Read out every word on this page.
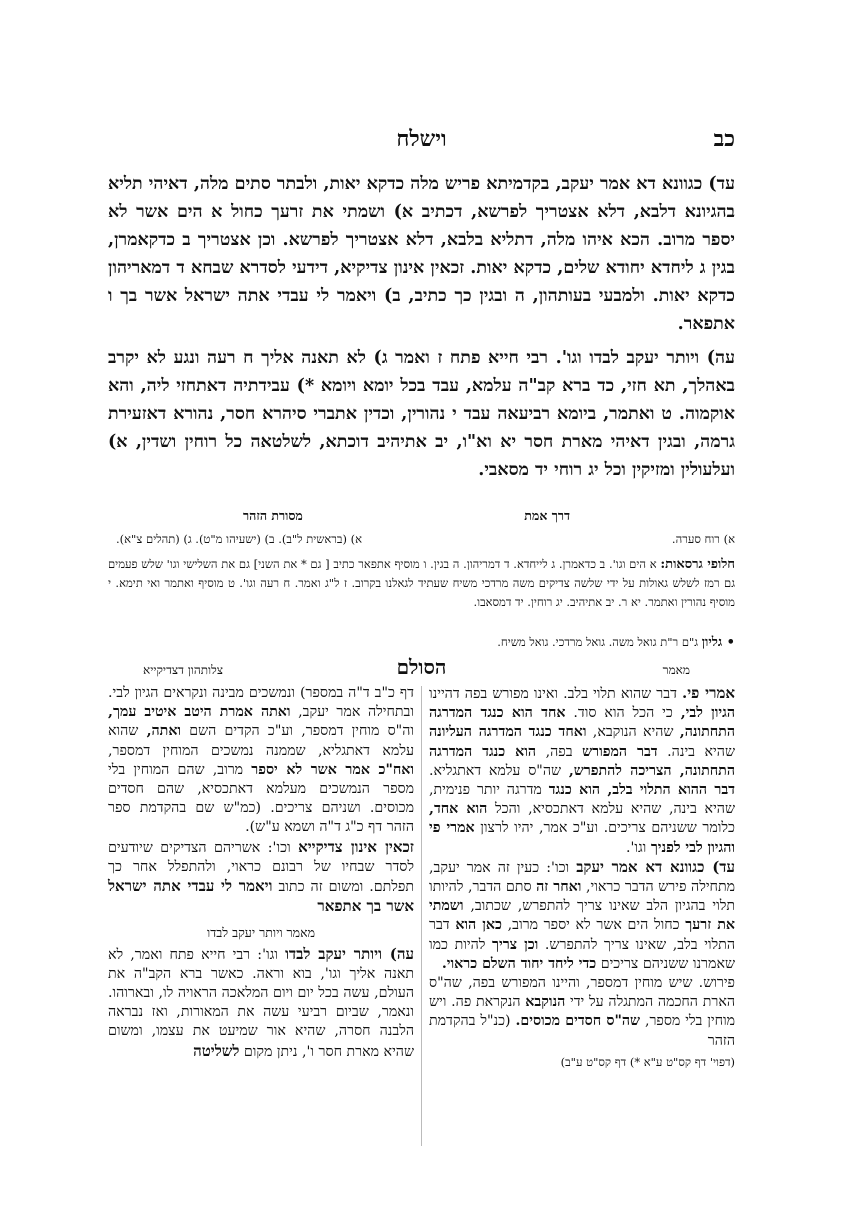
כב
וישלח

עד) כגוונא דא אמר יעקב, בקדמיתא פריש מלה כדקא יאות, ולבתר סתים מלה, דאיהי תליא בהגיונא דלבא, דלא אצטריך לפרשא, דכתיב א) ושמתי את זרעך כחול א הים אשר לא יספר מרוב. הכא איהו מלה, דתליא בלבא, דלא אצטריך לפרשא. וכן אצטריך ב כדקאמרן, בגין ג ליחדא יחודא שלים, כדקא יאות. זכאין אינון צדיקיא, דידעי לסדרא שבחא ד דמאריהון כדקא יאות. ולמבעי בעותהון, ה ובגין כך כתיב, ב) ויאמר לי עבדי אתה ישראל אשר בך ו אתפאר.

עה) ויותר יעקב לבדו וגו'. רבי חייא פתח ז ואמר ג) לא תאנה אליך ח רעה ונגע לא יקרב באהלך, תא חזי, כד ברא קב"ה עלמא, עבד בכל יומא ויומא *) עבידתיה דאתחזי ליה, והא אוקמוה. ט ואתמר, ביומא רביעאה עבד י נהורין, וכדין אתברי סיהרא חסר, נהורא דאזעירת גרמה, ובגין דאיהי מארת חסר יא וא"ו, יב אתיהיב דוכתא, לשלטאה כל רוחין ושדין, א) ועלעולין ומזיקין וכל יג רוחי יד מסאבי.

דרך אמת
מסורת הזהר
א) רוח סערה.
א) (בראשית ל"ב). ב) (ישעיהו מ"ט). ג) (תהלים צ"א).
חלופי גרסאות: א הים וגו'. ב כדאמרן. ג לייחדא. ד דמריהון. ה בגין. ו מוסיף אתפאר כתיב [ גם * את השני] גם את השלישי וגו' שלש פעמים גם רמז לשלש גאולות על ידי שלשה צדיקים משה מרדכי משיח שעתיד לגאלנו בקרוב. ז ל"ג ואמר. ח רעה וגו'. ט מוסיף ואתמר ואי תימא. י מוסיף נהורין ואתמר. יא ר. יב אתיהיב. יג רוחין. יד דמסאבו.
• גליון ג"ם ר"ת גואל משה. גואל מרדכי. גואל משיח.
מאמר
הסולם
צלותהון דצדיקייא

אמרי פי. דבר שהוא תלוי בלב. ואינו מפורש בפה דהיינו הגיון לבי, כי הכל הוא סוד. אחד הוא כנגד המדרגה התחתונה, שהיא הנוקבא, ואחד כנגד המדרגה העליונה שהיא בינה. דבר המפורש בפה, הוא כנגד המדרגה התחתונה, הצריכה להתפרש, שה"ס עלמא דאתגליא. דבר ההוא התלוי בלב, הוא כנגד מדרגה יותר פנימית, שהיא בינה, שהיא עלמא דאתכסיא, והכל הוא אחד, כלומר ששניהם צריכים. וע"כ אמר, יהיו לרצון אמרי פי והגיון לבי לפניך וגו'.

עד) כגוונא דא אמר יעקב וכו': כעין זה אמר יעקב, מתחילה פירש הדבר כראוי, ואחר זה סתם הדבר, להיותו תלוי בהגיון הלב שאינו צריך להתפרש, שכתוב, ושמתי את זרעך כחול הים אשר לא יספר מרוב, כאן הוא דבר התלוי בלב, שאינו צריך להתפרש. וכן צריך להיות כמו שאמרנו ששניהם צריכים כדי ליחד יחוד השלם כראוי.

פירוש. שיש מוחין דמספר, והיינו המפורש בפה, שה"ס הארת החכמה המתגלה על ידי הנוקבא הנקראת פה. ויש מוחין בלי מספר, שה"ס חסדים מכוסים. (כנ"ל בהקדמת הזהר

(דפוי' דף קס"ט ע"א *) דף קס"ט ע"ב)

דף כ"ב ד"ה במספר) ונמשכים מבינה ונקראים הגיון לבי. ובתחילה אמר יעקב, ואתה אמרת היטב איטיב עמך, וה"ס מוחין דמספר, וע"כ הקדים השם ואתה, שהוא עלמא דאתגליא, שממנה נמשכים המוחין דמספר, ואח"כ אמר אשר לא יספר מרוב, שהם המוחין בלי מספר הנמשכים מעלמא דאתכסיא, שהם חסדים מכוסים. ושניהם צריכים. (כמ"ש שם בהקדמת ספר הזהר דף כ"ג ד"ה ושמא ע"ש).

זכאין אינון צדיקייא וכו': אשריהם הצדיקים שיודעים לסדר שבחיו של רבונם כראוי, ולהתפלל אחר כך תפלתם. ומשום זה כתוב ויאמר לי עבדי אתה ישראל אשר בך אתפאר

מאמר ויותר יעקב לבדו

עה) ויותר יעקב לבדו וגו': רבי חייא פתח ואמר, לא תאנה אליך וגו', בוא וראה. כאשר ברא הקב"ה את העולם, עשה בכל יום ויום המלאכה הראויה לו, ובארוהו. ונאמר, שביום רביעי עשה את המאורות, ואז נבראה הלבנה חסרה, שהיא אור שמיעט את עצמו, ומשום שהיא מארת חסר ו', ניתן מקום לשליטה
